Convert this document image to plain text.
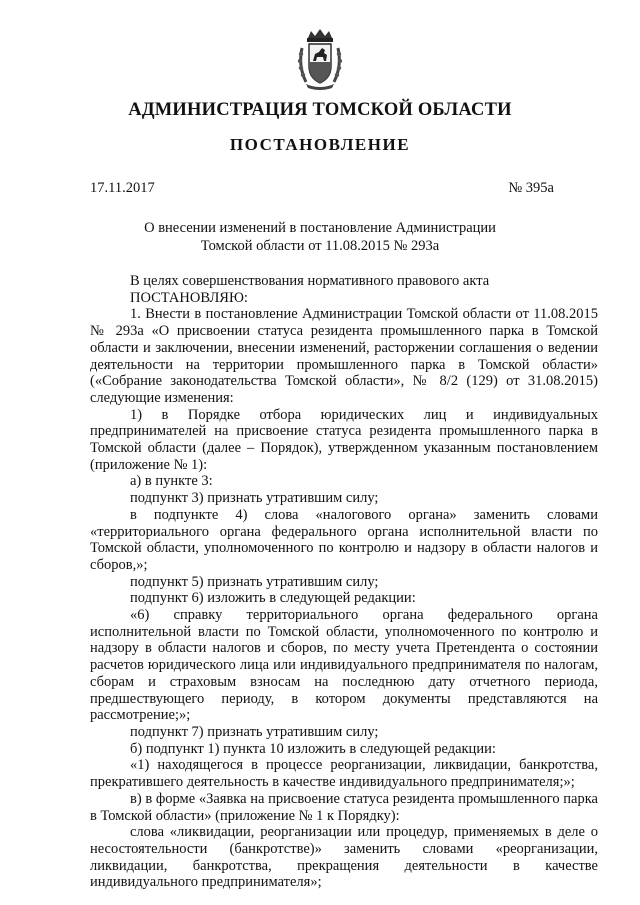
АДМИНИСТРАЦИЯ ТОМСКОЙ ОБЛАСТИ
ПОСТАНОВЛЕНИЕ
17.11.2017	№ 395а
О внесении изменений в постановление Администрации
Томской области от 11.08.2015 № 293а

В целях совершенствования нормативного правового акта

ПОСТАНОВЛЯЮ:

1. Внести в постановление Администрации Томской области от 11.08.2015 № 293а «О присвоении статуса резидента промышленного парка в Томской области и заключении, внесении изменений, расторжении соглашения о ведении деятельности на территории промышленного парка в Томской области» («Собрание законодательства Томской области», № 8/2 (129) от 31.08.2015) следующие изменения:

1) в Порядке отбора юридических лиц и индивидуальных предпринимателей на присвоение статуса резидента промышленного парка в Томской области (далее – Порядок), утвержденном указанным постановлением (приложение № 1):

а) в пункте 3:

подпункт 3) признать утратившим силу;

в подпункте 4) слова «налогового органа» заменить словами «территориального органа федерального органа исполнительной власти по Томской области, уполномоченного по контролю и надзору в области налогов и сборов,»;

подпункт 5) признать утратившим силу;

подпункт 6) изложить в следующей редакции:

«6) справку территориального органа федерального органа исполнительной власти по Томской области, уполномоченного по контролю и надзору в области налогов и сборов, по месту учета Претендента о состоянии расчетов юридического лица или индивидуального предпринимателя по налогам, сборам и страховым взносам на последнюю дату отчетного периода, предшествующего периоду, в котором документы представляются на рассмотрение;»;

подпункт 7) признать утратившим силу;

б) подпункт 1) пункта 10 изложить в следующей редакции:

«1) находящегося в процессе реорганизации, ликвидации, банкротства, прекратившего деятельность в качестве индивидуального предпринимателя;»;

в) в форме «Заявка на присвоение статуса резидента промышленного парка в Томской области» (приложение № 1 к Порядку):

слова «ликвидации, реорганизации или процедур, применяемых в деле о несостоятельности (банкротстве)» заменить словами «реорганизации, ликвидации, банкротства, прекращения деятельности в качестве индивидуального предпринимателя»;
